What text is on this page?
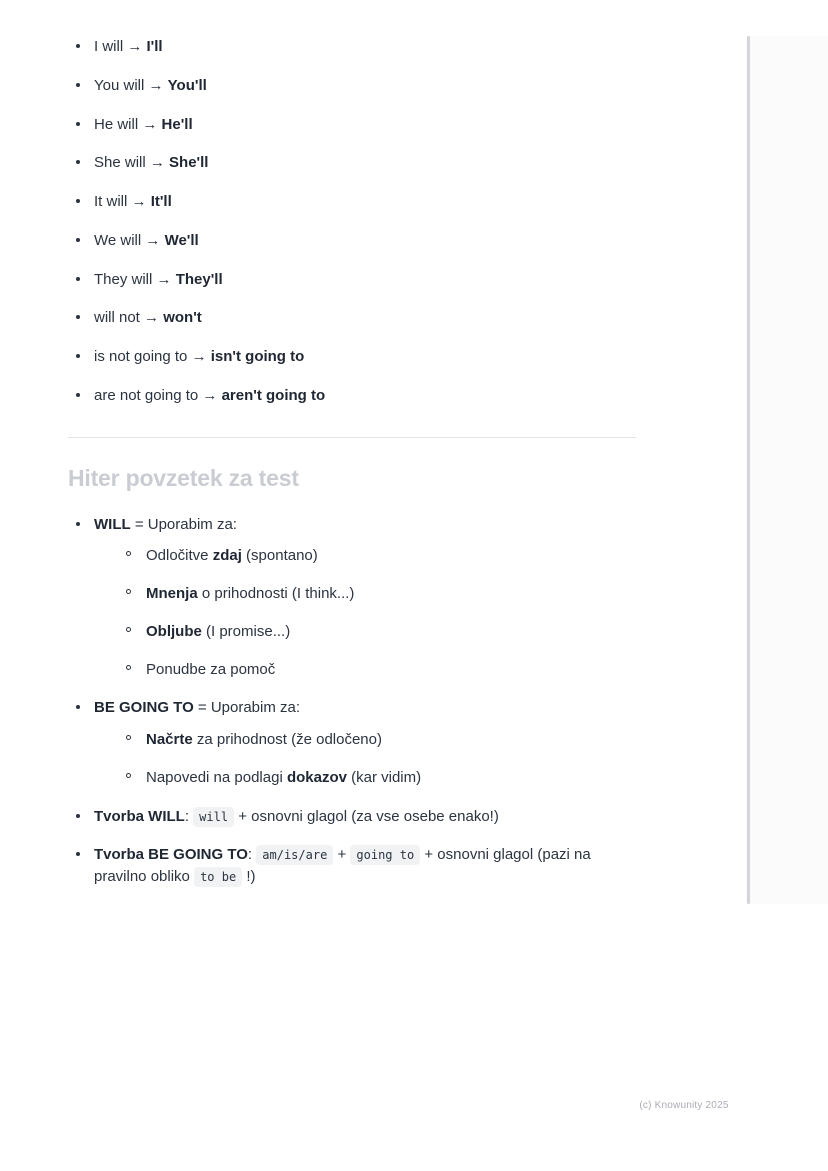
I will → I'll
You will → You'll
He will → He'll
She will → She'll
It will → It'll
We will → We'll
They will → They'll
will not → won't
is not going to → isn't going to
are not going to → aren't going to
Hiter povzetek za test
WILL = Uporabim za:
Odločitve zdaj (spontano)
Mnenja o prihodnosti (I think...)
Obljube (I promise...)
Ponudbe za pomoč
BE GOING TO = Uporabim za:
Načrte za prihodnost (že odločeno)
Napovedi na podlagi dokazov (kar vidim)
Tvorba WILL: will + osnovni glagol (za vse osebe enako!)
Tvorba BE GOING TO: am/is/are + going to + osnovni glagol (pazi na pravilno obliko to be !)
(c) Knowunity 2025
